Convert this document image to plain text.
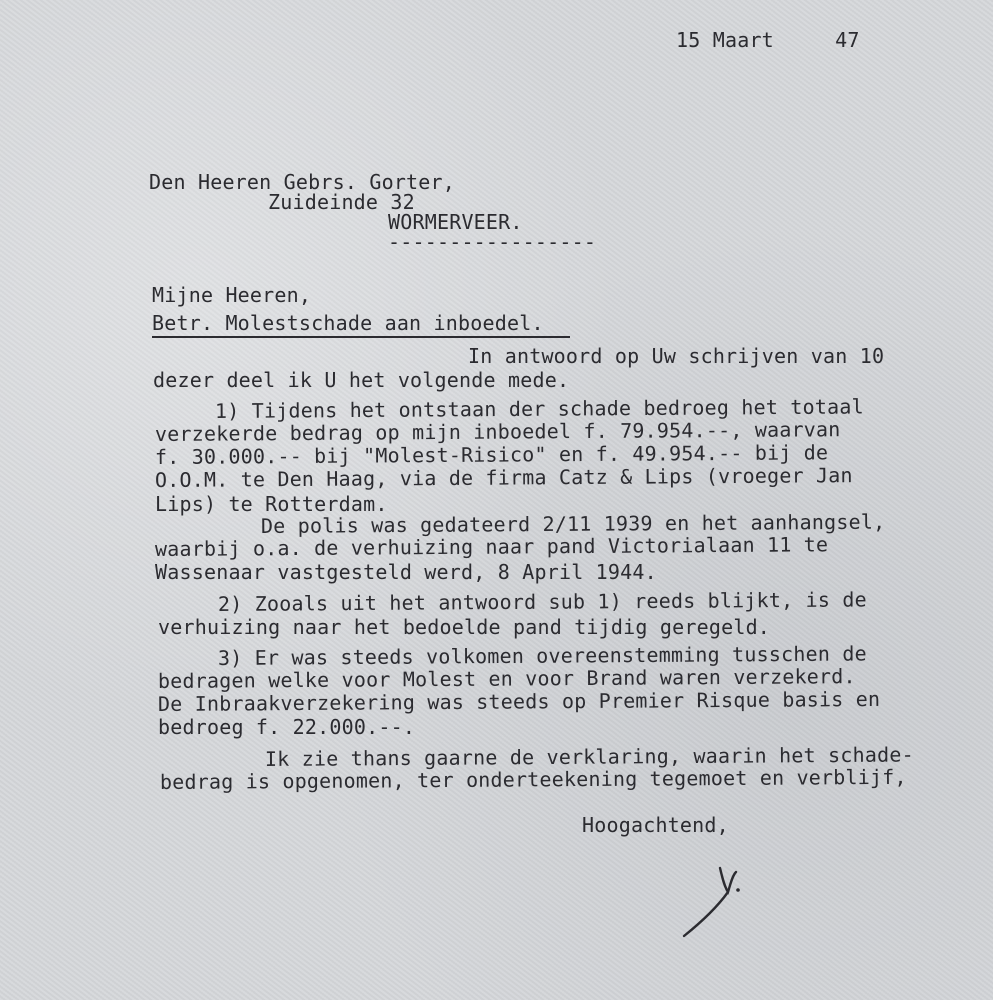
15 Maart     47
Den Heeren Gebrs. Gorter,
Zuideinde 32
WORMERVEER.
-----------------
Mijne Heeren,
Betr. Molestschade aan inboedel.
In antwoord op Uw schrijven van 10
dezer deel ik U het volgende mede.
1) Tijdens het ontstaan der schade bedroeg het totaal
verzekerde bedrag op mijn inboedel f. 79.954.--, waarvan
f. 30.000.-- bij "Molest-Risico" en f. 49.954.-- bij de
O.O.M. te Den Haag, via de firma Catz & Lips (vroeger Jan
Lips) te Rotterdam.
De polis was gedateerd 2/11 1939 en het aanhangsel,
waarbij o.a. de verhuizing naar pand Victorialaan 11 te
Wassenaar vastgesteld werd, 8 April 1944.
2) Zooals uit het antwoord sub 1) reeds blijkt, is de
verhuizing naar het bedoelde pand tijdig geregeld.
3) Er was steeds volkomen overeenstemming tusschen de
bedragen welke voor Molest en voor Brand waren verzekerd.
De Inbraakverzekering was steeds op Premier Risque basis en
bedroeg f. 22.000.--.
Ik zie thans gaarne de verklaring, waarin het schade-
bedrag is opgenomen, ter onderteekening tegemoet en verblijf,
Hoogachtend,
